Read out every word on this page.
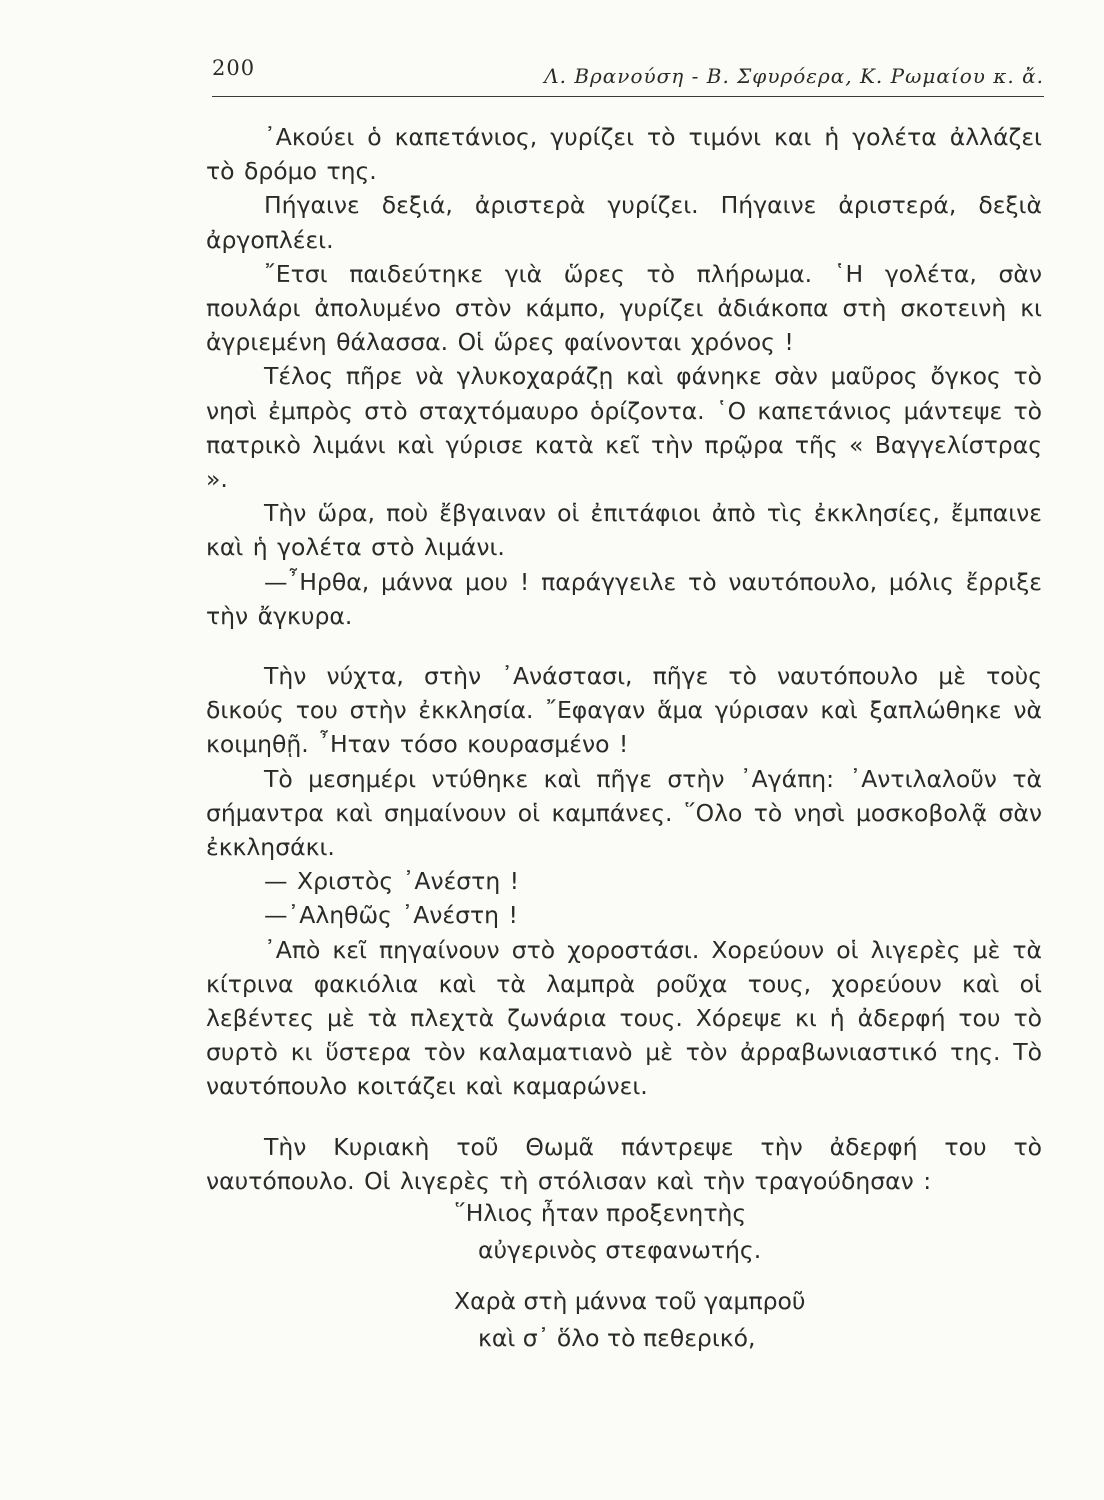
200	Λ. Βρανούση - Β. Σφυρόερα, Κ. Ρωμαίου κ. ἄ.

᾿Ακούει ὁ καπετάνιος, γυρίζει τὸ τιμόνι και ἡ γολέτα ἀλλάζει τὸ δρόμο της.

Πήγαινε δεξιά, ἀριστερὰ γυρίζει. Πήγαινε ἀριστερά, δεξιὰ ἀργοπλέει.

῎Ετσι παιδεύτηκε γιὰ ὥρες τὸ πλήρωμα. ῾Η γολέτα, σὰν πουλάρι ἀπολυμένο στὸν κάμπο, γυρίζει ἀδιάκοπα στὴ σκοτεινὴ κι ἀγριεμένη θάλασσα. Οἱ ὥρες φαίνονται χρόνος !

Τέλος πῆρε νὰ γλυκοχαράζῃ καὶ φάνηκε σὰν μαῦρος ὄγκος τὸ νησὶ ἐμπρὸς στὸ σταχτόμαυρο ὁρίζοντα. ῾Ο καπετάνιος μάντεψε τὸ πατρικὸ λιμάνι καὶ γύρισε κατὰ κεῖ τὴν πρῷρα τῆς « Βαγγελίστρας ».

Τὴν ὥρα, ποὺ ἔβγαιναν οἱ ἐπιτάφιοι ἀπὸ τὶς ἐκκλησίες, ἔμπαινε καὶ ἡ γολέτα στὸ λιμάνι.

—῏Ηρθα, μάννα μου ! παράγγειλε τὸ ναυτόπουλο, μόλις ἔρριξε τὴν ἄγκυρα.

Τὴν νύχτα, στὴν ᾿Ανάστασι, πῆγε τὸ ναυτόπουλο μὲ τοὺς δικούς του στὴν ἐκκλησία. ῎Εφαγαν ἅμα γύρισαν καὶ ξαπλώθηκε νὰ κοιμηθῇ. ῏Ηταν τόσο κουρασμένο !

Τὸ μεσημέρι ντύθηκε καὶ πῆγε στὴν ᾿Αγάπη: ᾿Αντιλαλοῦν τὰ σήμαντρα καὶ σημαίνουν οἱ καμπάνες. ῞Ολο τὸ νησὶ μοσκοβολᾷ σὰν ἐκκλησάκι.

— Χριστὸς ᾿Ανέστη !

—᾿Αληθῶς ᾿Ανέστη !

᾿Απὸ κεῖ πηγαίνουν στὸ χοροστάσι. Χορεύουν οἱ λιγερὲς μὲ τὰ κίτρινα φακιόλια καὶ τὰ λαμπρὰ ροῦχα τους, χορεύουν καὶ οἱ λεβέντες μὲ τὰ πλεχτὰ ζωνάρια τους. Χόρεψε κι ἡ ἀδερφή του τὸ συρτὸ κι ὕστερα τὸν καλαματιανὸ μὲ τὸν ἀρραβωνιαστικό της. Τὸ ναυτόπουλο κοιτάζει καὶ καμαρώνει.

Τὴν Κυριακὴ τοῦ Θωμᾶ πάντρεψε τὴν ἀδερφή του τὸ ναυτόπουλο. Οἱ λιγερὲς τὴ στόλισαν καὶ τὴν τραγούδησαν :

῞Ηλιος ἦταν προξενητὴς
αὐγερινὸς στεφανωτής.
Χαρὰ στὴ μάννα τοῦ γαμπροῦ
καὶ σ᾿ ὅλο τὸ πεθερικό,
